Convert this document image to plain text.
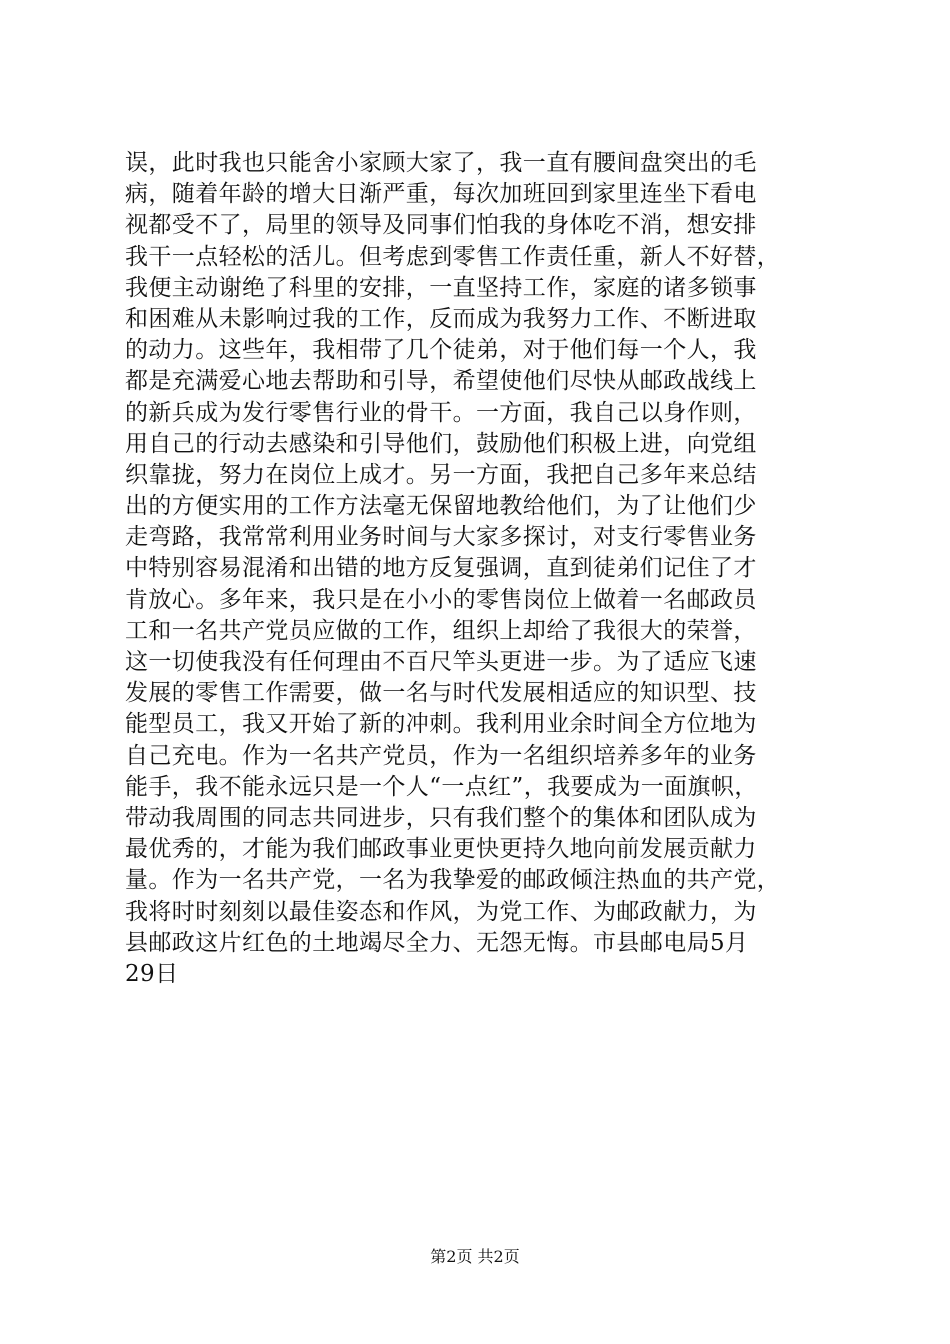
误，此时我也只能舍小家顾大家了，我一直有腰间盘突出的毛
病，随着年龄的增大日渐严重，每次加班回到家里连坐下看电
视都受不了，局里的领导及同事们怕我的身体吃不消，想安排
我干一点轻松的活儿。但考虑到零售工作责任重，新人不好替，
我便主动谢绝了科里的安排，一直坚持工作，家庭的诸多锁事
和困难从未影响过我的工作，反而成为我努力工作、不断进取
的动力。这些年，我相带了几个徒弟，对于他们每一个人，我
都是充满爱心地去帮助和引导，希望使他们尽快从邮政战线上
的新兵成为发行零售行业的骨干。一方面，我自己以身作则，
用自己的行动去感染和引导他们，鼓励他们积极上进，向党组
织靠拢，努力在岗位上成才。另一方面，我把自己多年来总结
出的方便实用的工作方法毫无保留地教给他们，为了让他们少
走弯路，我常常利用业务时间与大家多探讨，对支行零售业务
中特别容易混淆和出错的地方反复强调，直到徒弟们记住了才
肯放心。多年来，我只是在小小的零售岗位上做着一名邮政员
工和一名共产党员应做的工作，组织上却给了我很大的荣誉，
这一切使我没有任何理由不百尺竿头更进一步。为了适应飞速
发展的零售工作需要，做一名与时代发展相适应的知识型、技
能型员工，我又开始了新的冲刺。我利用业余时间全方位地为
自己充电。作为一名共产党员，作为一名组织培养多年的业务
能手，我不能永远只是一个人“一点红”，我要成为一面旗帜，
带动我周围的同志共同进步，只有我们整个的集体和团队成为
最优秀的，才能为我们邮政事业更快更持久地向前发展贡献力
量。作为一名共产党，一名为我挚爱的邮政倾注热血的共产党，
我将时时刻刻以最佳姿态和作风，为党工作、为邮政献力，为
县邮政这片红色的土地竭尽全力、无怨无悔。市县邮电局5月
29日
第2页 共2页
